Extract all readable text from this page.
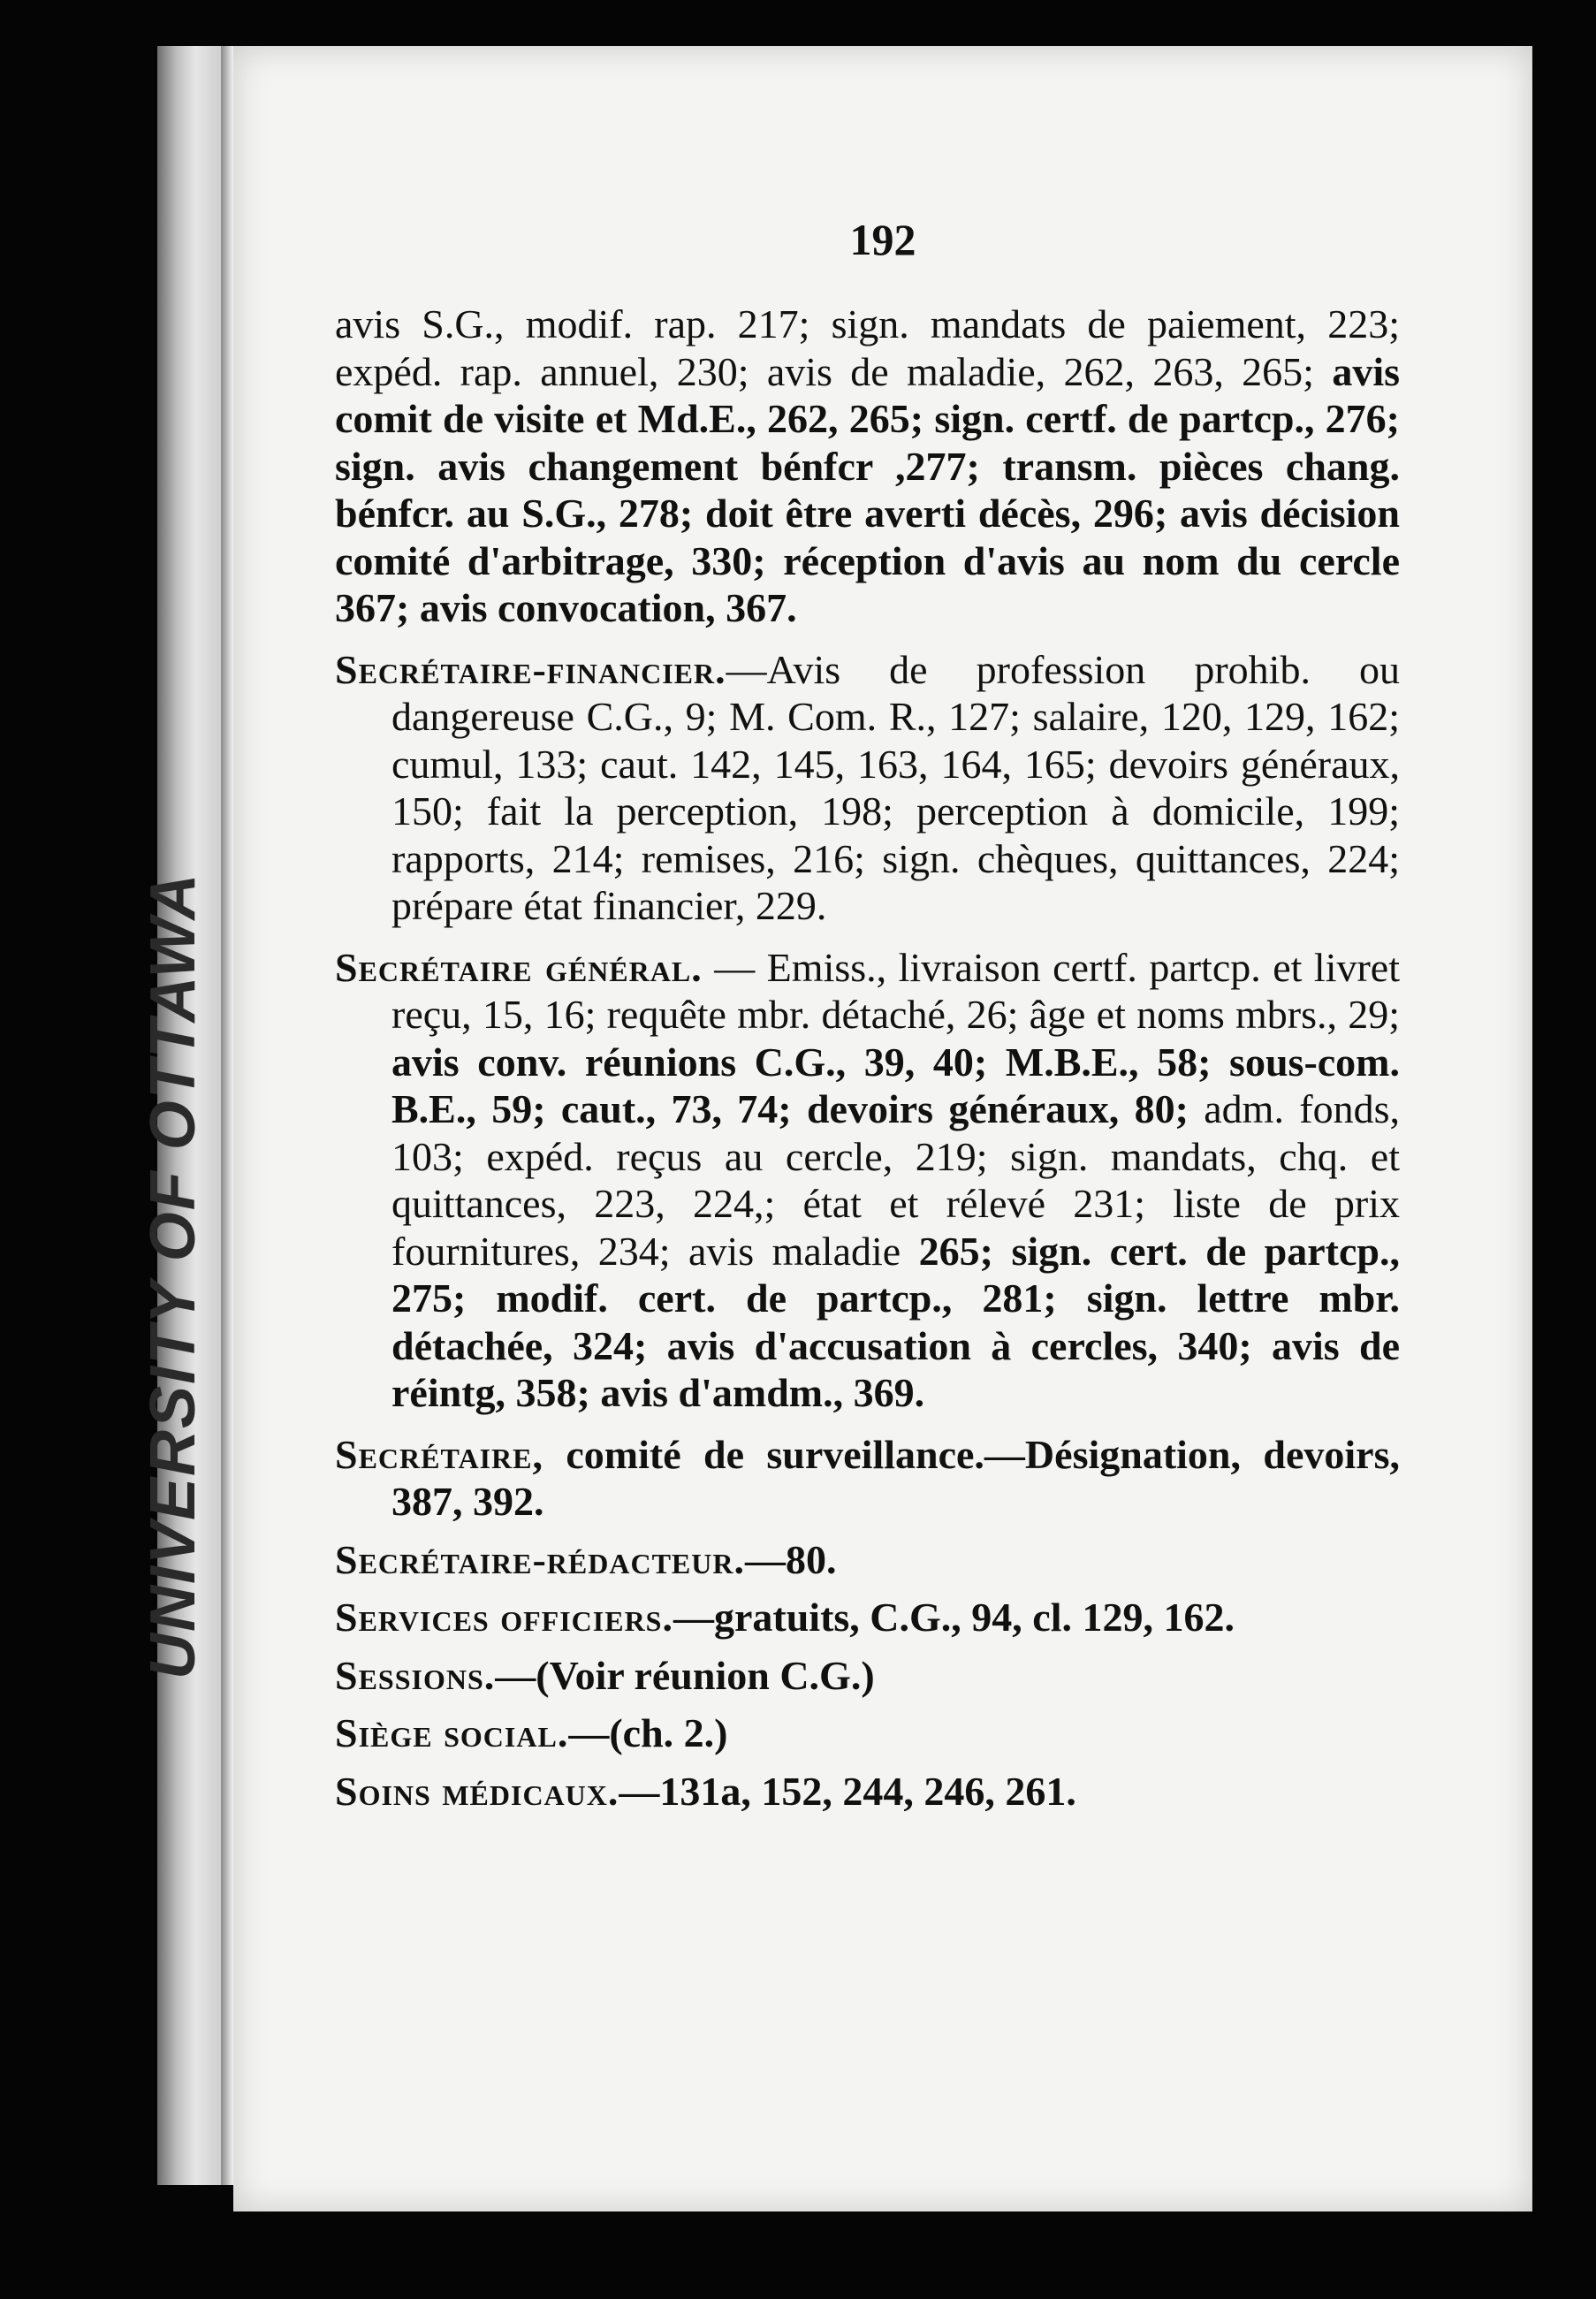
UNIVERSITY OF OTTAWA
192

avis S.G., modif. rap. 217; sign. mandats de paiement, 223; expéd. rap. annuel, 230; avis de maladie, 262, 263, 265; avis comit de visite et Md.E., 262, 265; sign. certf. de partcp., 276; sign. avis changement bénfcr ,277; transm. pièces chang. bénfcr. au S.G., 278; doit être averti décès, 296; avis décision comité d'arbitrage, 330; réception d'avis au nom du cercle 367; avis convocation, 367.

Secrétaire-financier.—Avis de profession prohib. ou dangereuse C.G., 9; M. Com. R., 127; salaire, 120, 129, 162; cumul, 133; caut. 142, 145, 163, 164, 165; devoirs généraux, 150; fait la perception, 198; perception à domicile, 199; rapports, 214; remises, 216; sign. chèques, quittances, 224; prépare état financier, 229.

Secrétaire général. — Emiss., livraison certf. partcp. et livret reçu, 15, 16; requête mbr. détaché, 26; âge et noms mbrs., 29; avis conv. réunions C.G., 39, 40; M.B.E., 58; sous-com. B.E., 59; caut., 73, 74; devoirs généraux, 80; adm. fonds, 103; expéd. reçus au cercle, 219; sign. mandats, chq. et quittances, 223, 224,; état et rélevé 231; liste de prix fournitures, 234; avis maladie 265; sign. cert. de partcp., 275; modif. cert. de partcp., 281; sign. lettre mbr. détachée, 324; avis d'accusation à cercles, 340; avis de réintg, 358; avis d'amdm., 369.

Secrétaire, comité de surveillance.—Désignation, devoirs, 387, 392.

Secrétaire-rédacteur.—80.

Services officiers.—gratuits, C.G., 94, cl. 129, 162.

Sessions.—(Voir réunion C.G.)

Siège social.—(ch. 2.)

Soins médicaux.—131a, 152, 244, 246, 261.
